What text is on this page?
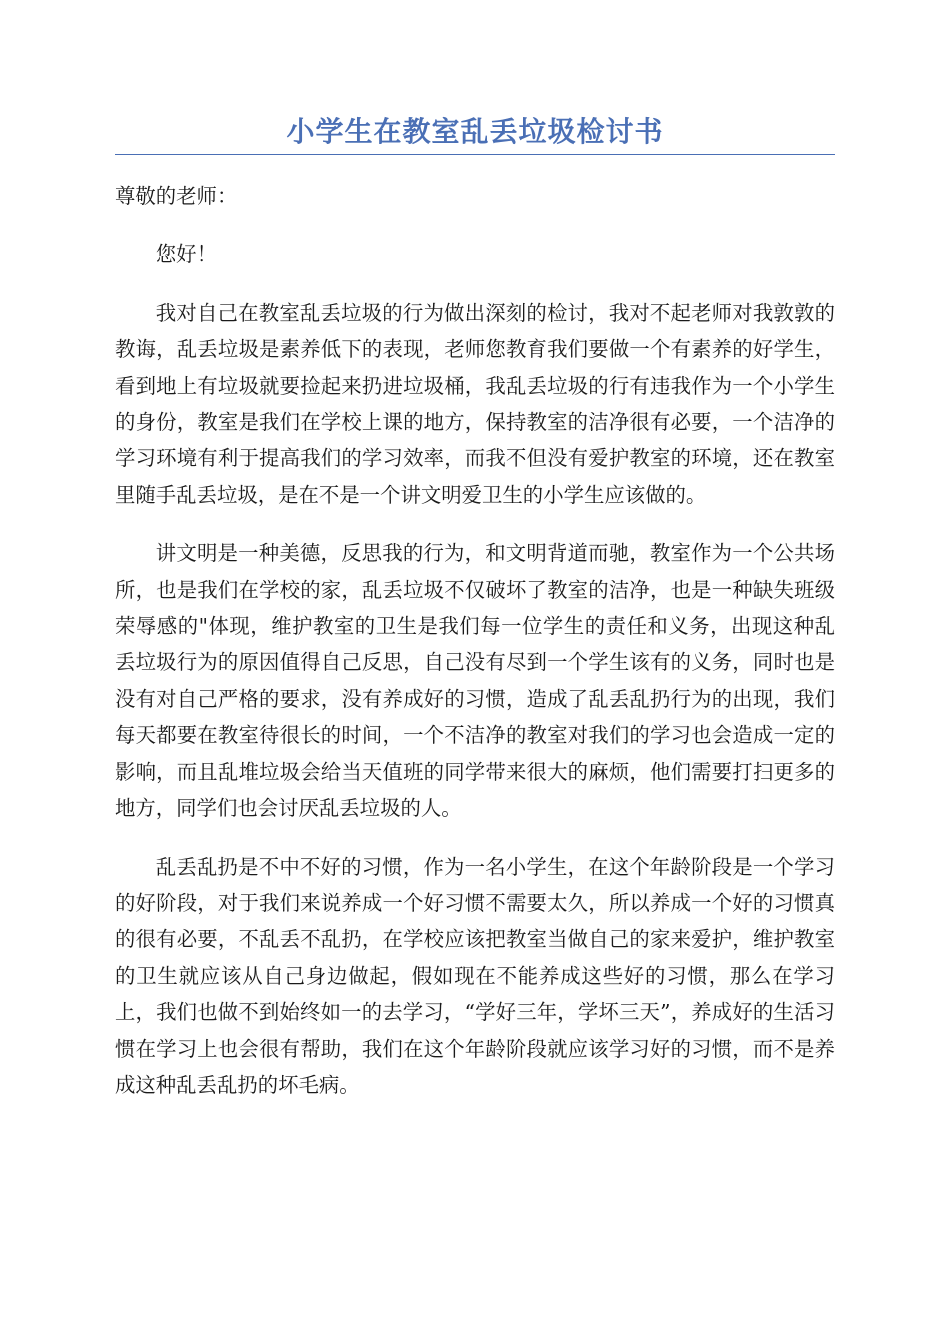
小学生在教室乱丢垃圾检讨书

尊敬的老师：

您好！

我对自己在教室乱丢垃圾的行为做出深刻的检讨，我对不起老师对我敦敦的教诲，乱丢垃圾是素养低下的表现，老师您教育我们要做一个有素养的好学生，看到地上有垃圾就要捡起来扔进垃圾桶，我乱丢垃圾的行有违我作为一个小学生的身份，教室是我们在学校上课的地方，保持教室的洁净很有必要，一个洁净的学习环境有利于提高我们的学习效率，而我不但没有爱护教室的环境，还在教室里随手乱丢垃圾，是在不是一个讲文明爱卫生的小学生应该做的。

讲文明是一种美德，反思我的行为，和文明背道而驰，教室作为一个公共场所，也是我们在学校的家，乱丢垃圾不仅破坏了教室的洁净，也是一种缺失班级荣辱感的"体现，维护教室的卫生是我们每一位学生的责任和义务，出现这种乱丢垃圾行为的原因值得自己反思，自己没有尽到一个学生该有的义务，同时也是没有对自己严格的要求，没有养成好的习惯，造成了乱丢乱扔行为的出现，我们每天都要在教室待很长的时间，一个不洁净的教室对我们的学习也会造成一定的影响，而且乱堆垃圾会给当天值班的同学带来很大的麻烦，他们需要打扫更多的地方，同学们也会讨厌乱丢垃圾的人。

乱丢乱扔是不中不好的习惯，作为一名小学生，在这个年龄阶段是一个学习的好阶段，对于我们来说养成一个好习惯不需要太久，所以养成一个好的习惯真的很有必要，不乱丢不乱扔，在学校应该把教室当做自己的家来爱护，维护教室的卫生就应该从自己身边做起，假如现在不能养成这些好的习惯，那么在学习上，我们也做不到始终如一的去学习，“学好三年，学坏三天”，养成好的生活习惯在学习上也会很有帮助，我们在这个年龄阶段就应该学习好的习惯，而不是养成这种乱丢乱扔的坏毛病。
